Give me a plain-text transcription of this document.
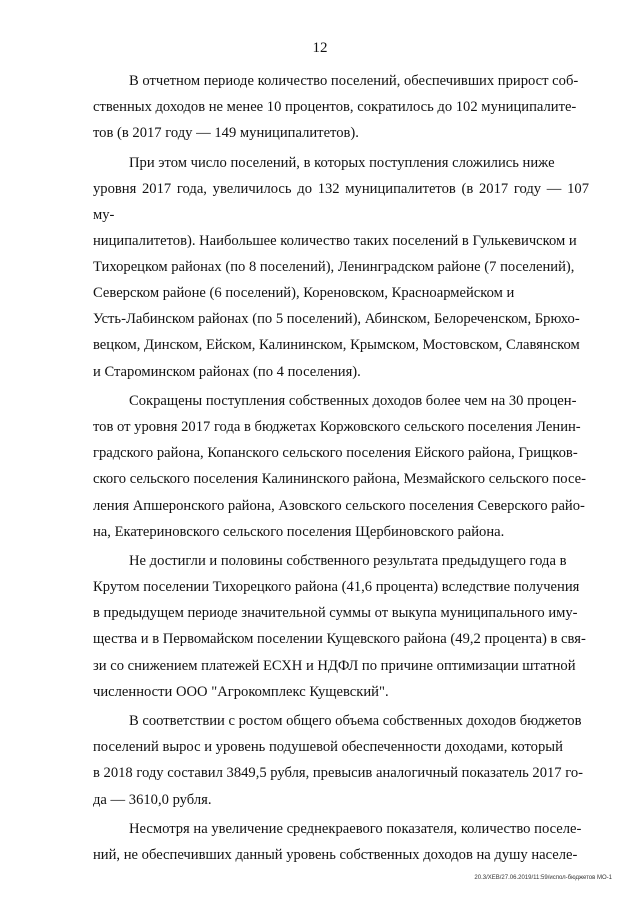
12

В отчетном периоде количество поселений, обеспечивших прирост соб-
ственных доходов не менее 10 процентов, сократилось до 102 муниципалите-
тов (в 2017 году — 149 муниципалитетов).

При этом число поселений, в которых поступления сложились ниже
уровня 2017 года, увеличилось до 132 муниципалитетов (в 2017 году — 107 му-
ниципалитетов). Наибольшее количество таких поселений в Гулькевичском и
Тихорецком районах (по 8 поселений), Ленинградском районе (7 поселений),
Северском районе (6 поселений), Кореновском, Красноармейском и
Усть-Лабинском районах (по 5 поселений), Абинском, Белореченском, Брюхо-
вецком, Динском, Ейском, Калининском, Крымском, Мостовском, Славянском
и Староминском районах (по 4 поселения).

Сокращены поступления собственных доходов более чем на 30 процен-
тов от уровня 2017 года в бюджетах Коржовского сельского поселения Ленин-
градского района, Копанского сельского поселения Ейского района, Грищков-
ского сельского поселения Калининского района, Мезмайского сельского посе-
ления Апшеронского района, Азовского сельского поселения Северского райо-
на, Екатериновского сельского поселения Щербиновского района.

Не достигли и половины собственного результата предыдущего года в
Крутом поселении Тихорецкого района (41,6 процента) вследствие получения
в предыдущем периоде значительной суммы от выкупа муниципального иму-
щества и в Первомайском поселении Кущевского района (49,2 процента) в свя-
зи со снижением платежей ЕСХН и НДФЛ по причине оптимизации штатной
численности ООО "Агрокомплекс Кущевский".

В соответствии с ростом общего объема собственных доходов бюджетов
поселений вырос и уровень подушевой обеспеченности доходами, который
в 2018 году составил 3849,5 рубля, превысив аналогичный показатель 2017 го-
да — 3610,0 рубля.

Несмотря на увеличение среднекраевого показателя, количество поселе-
ний, не обеспечивших данный уровень собственных доходов на душу населе-

20.3/ХЕВ/27.06.2019/11:59/испол-бюджетов МО-1
